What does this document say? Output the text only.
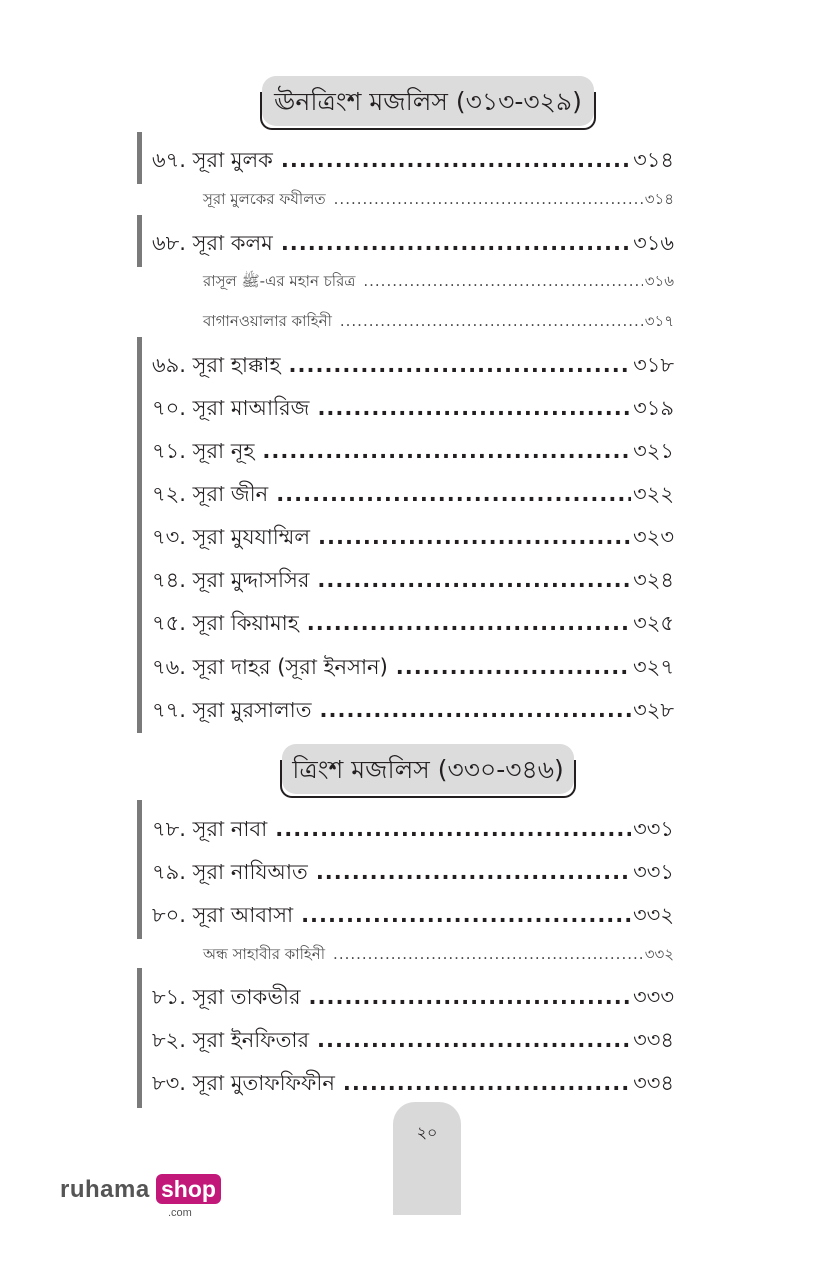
ঊনত্রিংশ মজলিস (৩১৩-৩২৯)
৬৭. সূরা মুলক .....	৩১৪
সূরা মুলকের ফযীলত .....	৩১৪
৬৮. সূরা কলম .....	৩১৬
রাসূল ﷺ-এর মহান চরিত্র .....	৩১৬
বাগানওয়ালার কাহিনী .....	৩১৭
৬৯. সূরা হাক্কাহ .....	৩১৮
৭০. সূরা মাআরিজ .....	৩১৯
৭১. সূরা নূহ .....	৩২১
৭২. সূরা জীন .....	৩২২
৭৩. সূরা মুযযাম্মিল .....	৩২৩
৭৪. সূরা মুদ্দাসসির .....	৩২৪
৭৫. সূরা কিয়ামাহ .....	৩২৫
৭৬. সূরা দাহর (সূরা ইনসান) .....	৩২৭
৭৭. সূরা মুরসালাত .....	৩২৮
ত্রিংশ মজলিস (৩৩০-৩৪৬)
৭৮. সূরা নাবা .....	৩৩১
৭৯. সূরা নাযিআত .....	৩৩১
৮০. সূরা আবাসা .....	৩৩২
অন্ধ সাহাবীর কাহিনী .....	৩৩২
৮১. সূরা তাকভীর .....	৩৩৩
৮২. সূরা ইনফিতার .....	৩৩৪
৮৩. সূরা মুতাফফিফীন .....	৩৩৪
২০
ruhama shop
.com
